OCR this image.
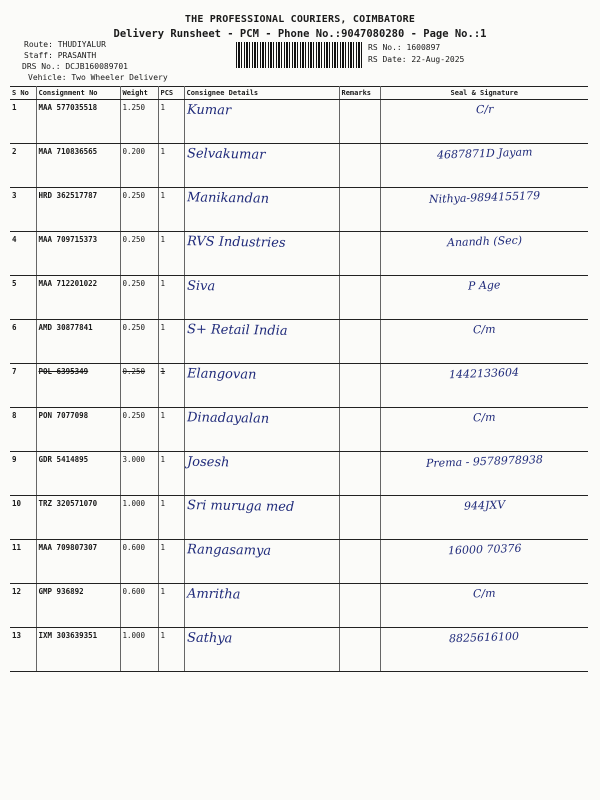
THE PROFESSIONAL COURIERS, COIMBATORE
Delivery Runsheet - PCM - Phone No.:9047080280 - Page No.:1
Route: THUDIYALUR
Staff: PRASANTH
DRS No.: DCJB160089701
Vehicle: Two Wheeler Delivery
RS No.: 1600897
RS Date: 22-Aug-2025
S No	Consignment No	Weight	PCS	Consignee Details	Remarks	Seal & Signature
1	MAA 577035518	1.250	1	Kumar		C/r
2	MAA 710836565	0.200	1	Selvakumar		4687871D Jayam
3	HRD 362517787	0.250	1	Manikandan		Nithya-9894155179
4	MAA 709715373	0.250	1	RVS Industries		Anandh (Sec)
5	MAA 712201022	0.250	1	Siva		P Age
6	AMD 30877841	0.250	1	S+ Retail India		C/m
7	POL 6395349	0.250	1	Elangovan		1442133604
8	PON 7077098	0.250	1	Dinadayalan		C/m
9	GDR 5414895	3.000	1	Josesh		Prema - 9578978938
10	TRZ 320571070	1.000	1	Sri muruga med		944JXV
11	MAA 709807307	0.600	1	Rangasamya		16000 70376
12	GMP 936892	0.600	1	Amritha		C/m
13	IXM 303639351	1.000	1	Sathya		8825616100
